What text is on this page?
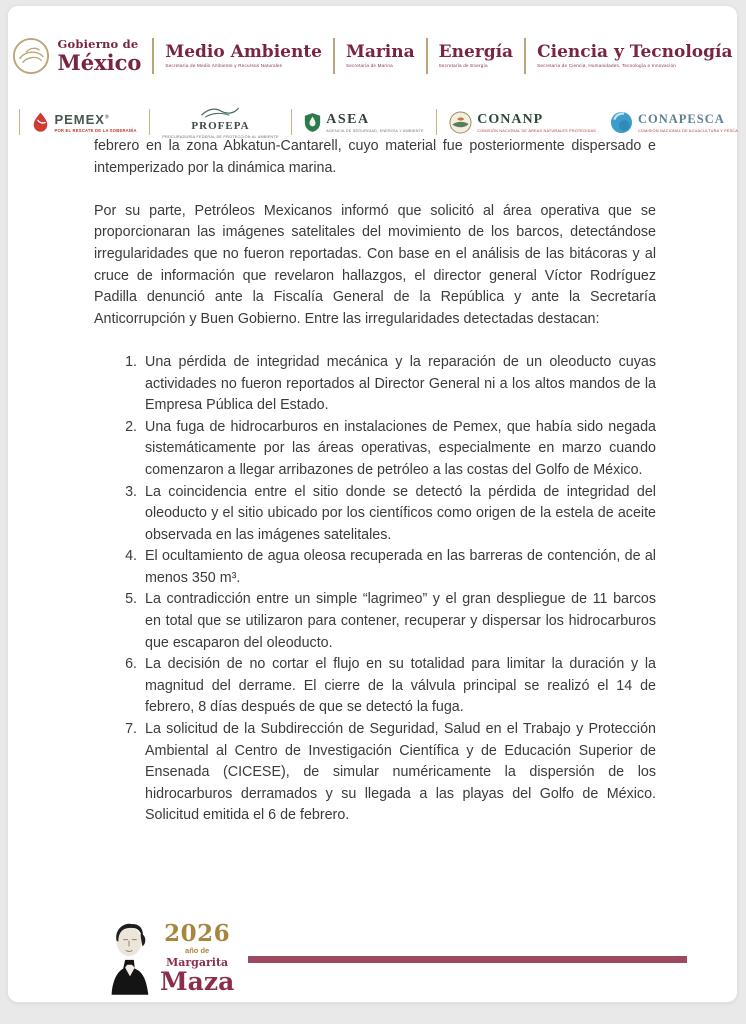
Gobierno de
México Medio Ambiente
Secretaría de Medio Ambiente y Recursos Naturales
Marina
Secretaría de Marina
Energía
Secretaría de Energía
Ciencia y Tecnología
Secretaría de Ciencia, Humanidades, Tecnología e Innovación
PEMEX®
POR EL RESCATE DE LA SOBERANÍA	PROFEPA
PROCURADURÍA FEDERAL DE PROTECCIÓN AL AMBIENTE
ASEA
AGENCIA DE SEGURIDAD, ENERGÍA Y AMBIENTE
CONANP
COMISIÓN NACIONAL DE ÁREAS NATURALES PROTEGIDAS
CONAPESCA
COMISIÓN NACIONAL DE ACUACULTURA Y PESCA

febrero en la zona Abkatun-Cantarell, cuyo material fue posteriormente dispersado e intemperizado por la dinámica marina.

Por su parte, Petróleos Mexicanos informó que solicitó al área operativa que se proporcionaran las imágenes satelitales del movimiento de los barcos, detectándose irregularidades que no fueron reportadas. Con base en el análisis de las bitácoras y al cruce de información que revelaron hallazgos, el director general Víctor Rodríguez Padilla denunció ante la Fiscalía General de la República y ante la Secretaría Anticorrupción y Buen Gobierno. Entre las irregularidades detectadas destacan:

1. Una pérdida de integridad mecánica y la reparación de un oleoducto cuyas actividades no fueron reportados al Director General ni a los altos mandos de la Empresa Pública del Estado.
2. Una fuga de hidrocarburos en instalaciones de Pemex, que había sido negada sistemáticamente por las áreas operativas, especialmente en marzo cuando comenzaron a llegar arribazones de petróleo a las costas del Golfo de México.
3. La coincidencia entre el sitio donde se detectó la pérdida de integridad del oleoducto y el sitio ubicado por los científicos como origen de la estela de aceite observada en las imágenes satelitales.
4. El ocultamiento de agua oleosa recuperada en las barreras de contención, de al menos 350 m³.
5. La contradicción entre un simple “lagrimeo” y el gran despliegue de 11 barcos en total que se utilizaron para contener, recuperar y dispersar los hidrocarburos que escaparon del oleoducto.
6. La decisión de no cortar el flujo en su totalidad para limitar la duración y la magnitud del derrame. El cierre de la válvula principal se realizó el 14 de febrero, 8 días después de que se detectó la fuga.
7. La solicitud de la Subdirección de Seguridad, Salud en el Trabajo y Protección Ambiental al Centro de Investigación Científica y de Educación Superior de Ensenada (CICESE), de simular numéricamente la dispersión de los hidrocarburos derramados y su llegada a las playas del Golfo de México. Solicitud emitida el 6 de febrero.
2026
año de
Margarita
Maza
